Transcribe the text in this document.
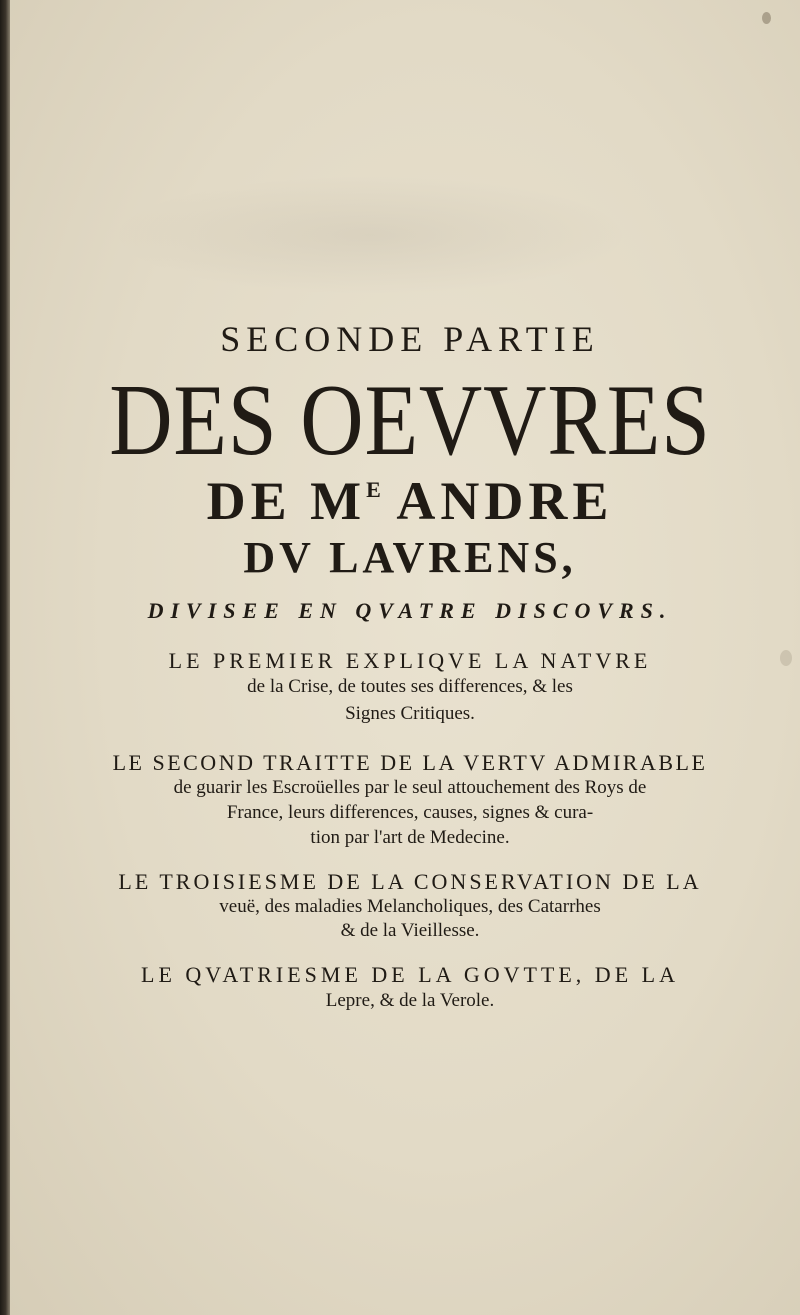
SECONDE PARTIE
DES OEVVRES
DE $M^E$ ANDRE
DV LAVRENS,
DIVISEE EN QVATRE DISCOVRS.
LE PREMIER EXPLIQVE LA NATVRE
de la Crise, de toutes ses differences, & les
Signes Critiques.
LE SECOND TRAITTE DE LA VERTV ADMIRABLE
de guarir les Escroüelles par le seul attouchement des Roys de
France, leurs differences, causes, signes & cura-
tion par l'art de Medecine.
LE TROISIESME DE LA CONSERVATION DE LA
veuë, des maladies Melancholiques, des Catarrhes
& de la Vieillesse.
LE QVATRIESME DE LA GOVTTE, DE LA
Lepre, & de la Verole.
